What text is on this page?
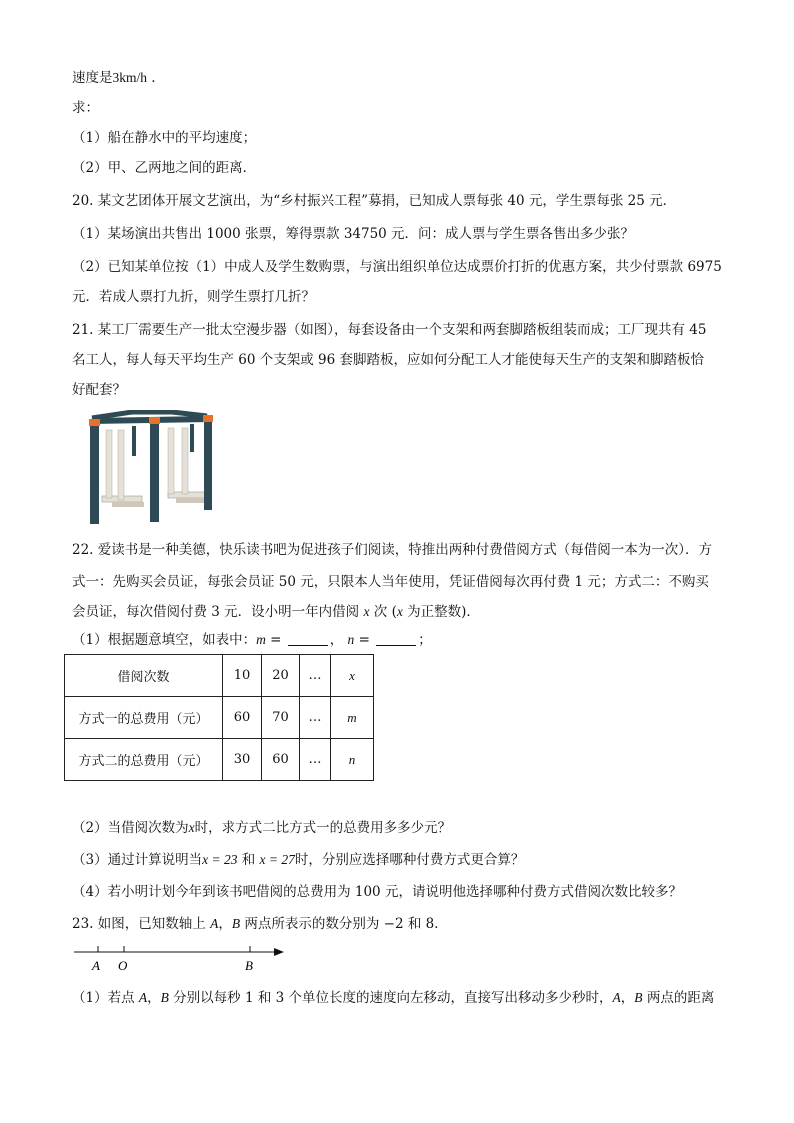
速度是3km/h .
求：
（1）船在静水中的平均速度；
（2）甲、乙两地之间的距离．
20. 某文艺团体开展文艺演出，为“乡村振兴工程”募捐，已知成人票每张 40 元，学生票每张 25 元．
（1）某场演出共售出 1000 张票，筹得票款 34750 元．问：成人票与学生票各售出多少张？
（2）已知某单位按（1）中成人及学生数购票，与演出组织单位达成票价打折的优惠方案，共少付票款 6975
元．若成人票打九折，则学生票打几折？
21. 某工厂需要生产一批太空漫步器（如图），每套设备由一个支架和两套脚踏板组装而成；工厂现共有 45
名工人，每人每天平均生产 60 个支架或 96 套脚踏板，应如何分配工人才能使每天生产的支架和脚踏板恰
好配套？
22. 爱读书是一种美德，快乐读书吧为促进孩子们阅读，特推出两种付费借阅方式（每借阅一本为一次）．方
式一：先购买会员证，每张会员证 50 元，只限本人当年使用，凭证借阅每次再付费 1 元；方式二：不购买
会员证，每次借阅付费 3 元．设小明一年内借阅 x 次 (x 为正整数)．
（1）根据题意填空，如表中：m =	， n =	；
借阅次数	10	20	…	x
方式一的总费用（元）	60	70	…	m
方式二的总费用（元）	30	60	…	n
（2）当借阅次数为x时，求方式二比方式一的总费用多多少元？
（3）通过计算说明当x = 23 和 x = 27时，分别应选择哪种付费方式更合算？
（4）若小明计划今年到该书吧借阅的总费用为 100 元，请说明他选择哪种付费方式借阅次数比较多？
23. 如图，已知数轴上 A，B 两点所表示的数分别为 −2 和 8．
A O	B
（1）若点 A，B 分别以每秒 1 和 3 个单位长度的速度向左移动，直接写出移动多少秒时，A，B 两点的距离
